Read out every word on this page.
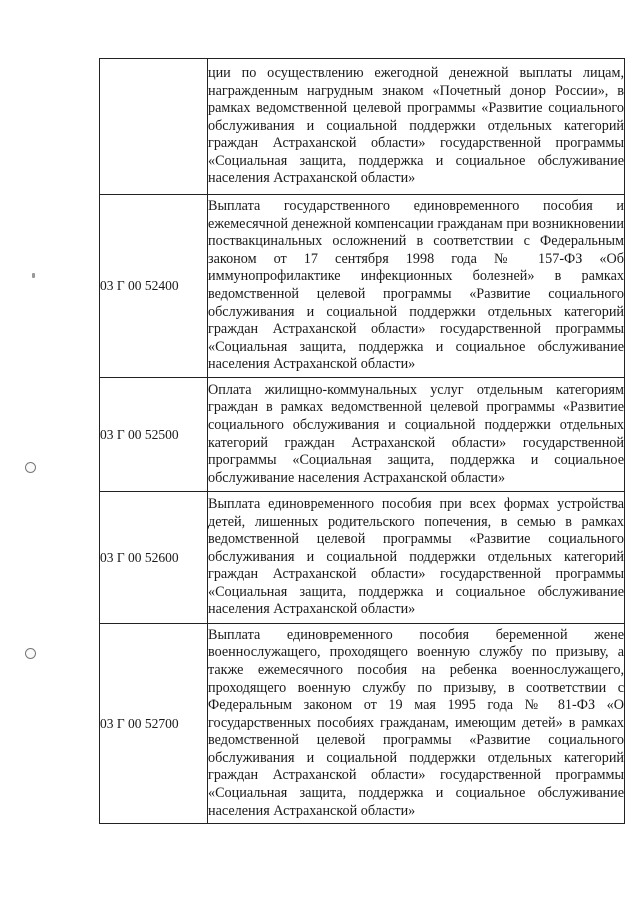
	ции по осуществлению ежегодной денежной выплаты лицам, награжденным нагрудным знаком «Почетный донор России», в рамках ведомственной целевой программы «Развитие социального обслуживания и социальной поддержки отдельных категорий граждан Астраханской области» государственной программы «Социальная защита, поддержка и социальное обслуживание населения Астраханской области»
03 Г 00 52400	Выплата государственного единовременного пособия и ежемесячной денежной компенсации гражданам при возникновении поствакцинальных осложнений в соответствии с Федеральным законом от 17 сентября 1998 года № 157-ФЗ «Об иммунопрофилактике инфекционных болезней» в рамках ведомственной целевой программы «Развитие социального обслуживания и социальной поддержки отдельных категорий граждан Астраханской области» государственной программы «Социальная защита, поддержка и социальное обслуживание населения Астраханской области»
03 Г 00 52500	Оплата жилищно-коммунальных услуг отдельным категориям граждан в рамках ведомственной целевой программы «Развитие социального обслуживания и социальной поддержки отдельных категорий граждан Астраханской области» государственной программы «Социальная защита, поддержка и социальное обслуживание населения Астраханской области»
03 Г 00 52600	Выплата единовременного пособия при всех формах устройства детей, лишенных родительского попечения, в семью в рамках ведомственной целевой программы «Развитие социального обслуживания и социальной поддержки отдельных категорий граждан Астраханской области» государственной программы «Социальная защита, поддержка и социальное обслуживание населения Астраханской области»
03 Г 00 52700	Выплата единовременного пособия беременной жене военнослужащего, проходящего военную службу по призыву, а также ежемесячного пособия на ребенка военнослужащего, проходящего военную службу по призыву, в соответствии с Федеральным законом от 19 мая 1995 года № 81-ФЗ «О государственных пособиях гражданам, имеющим детей» в рамках ведомственной целевой программы «Развитие социального обслуживания и социальной поддержки отдельных категорий граждан Астраханской области» государственной программы «Социальная защита, поддержка и социальное обслуживание населения Астраханской области»
